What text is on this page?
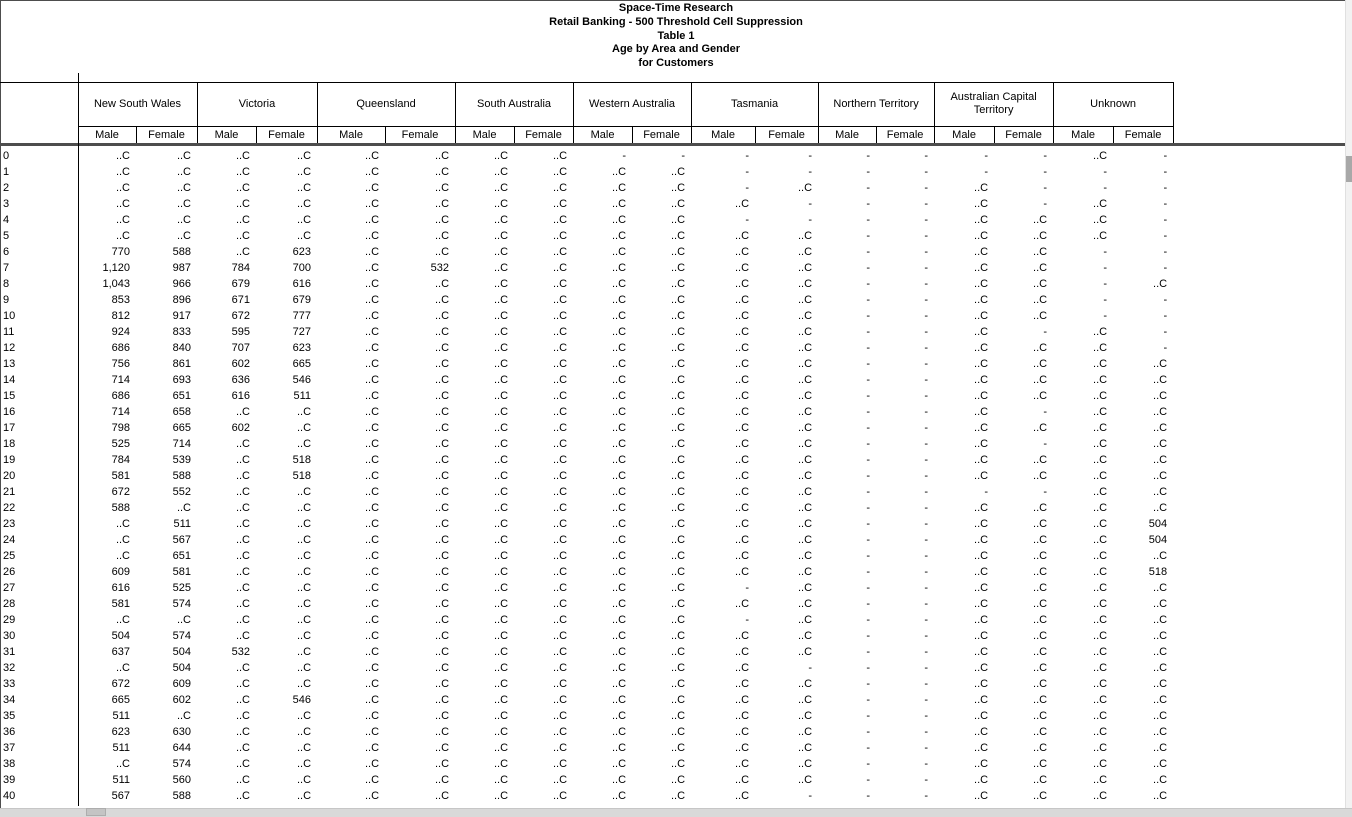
Space-Time Research
Retail Banking - 500 Threshold Cell Suppression
Table 1
Age by Area and Gender
for Customers
	New South Wales		Victoria		Queensland		South Australia		Western Australia		Tasmania		Northern Territory		Australian Capital Territory		Unknown	
	Male	Female	Male	Female	Male	Female	Male	Female	Male	Female	Male	Female	Male	Female	Male	Female	Male	Female

0	..C	..C	..C	..C	..C	..C	..C	..C	-	-	-	-	-	-	-	-	..C	-
1	..C	..C	..C	..C	..C	..C	..C	..C	..C	..C	-	-	-	-	-	-	-	-
2	..C	..C	..C	..C	..C	..C	..C	..C	..C	..C	-	..C	-	-	..C	-	-	-
3	..C	..C	..C	..C	..C	..C	..C	..C	..C	..C	..C	-	-	-	..C	-	..C	-
4	..C	..C	..C	..C	..C	..C	..C	..C	..C	..C	-	-	-	-	..C	..C	..C	-
5	..C	..C	..C	..C	..C	..C	..C	..C	..C	..C	..C	..C	-	-	..C	..C	..C	-
6	770	588	..C	623	..C	..C	..C	..C	..C	..C	..C	..C	-	-	..C	..C	-	-
7	1,120	987	784	700	..C	532	..C	..C	..C	..C	..C	..C	-	-	..C	..C	-	-
8	1,043	966	679	616	..C	..C	..C	..C	..C	..C	..C	..C	-	-	..C	..C	-	..C
9	853	896	671	679	..C	..C	..C	..C	..C	..C	..C	..C	-	-	..C	..C	-	-
10	812	917	672	777	..C	..C	..C	..C	..C	..C	..C	..C	-	-	..C	..C	-	-
11	924	833	595	727	..C	..C	..C	..C	..C	..C	..C	..C	-	-	..C	-	..C	-
12	686	840	707	623	..C	..C	..C	..C	..C	..C	..C	..C	-	-	..C	..C	..C	-
13	756	861	602	665	..C	..C	..C	..C	..C	..C	..C	..C	-	-	..C	..C	..C	..C
14	714	693	636	546	..C	..C	..C	..C	..C	..C	..C	..C	-	-	..C	..C	..C	..C
15	686	651	616	511	..C	..C	..C	..C	..C	..C	..C	..C	-	-	..C	..C	..C	..C
16	714	658	..C	..C	..C	..C	..C	..C	..C	..C	..C	..C	-	-	..C	-	..C	..C
17	798	665	602	..C	..C	..C	..C	..C	..C	..C	..C	..C	-	-	..C	..C	..C	..C
18	525	714	..C	..C	..C	..C	..C	..C	..C	..C	..C	..C	-	-	..C	-	..C	..C
19	784	539	..C	518	..C	..C	..C	..C	..C	..C	..C	..C	-	-	..C	..C	..C	..C
20	581	588	..C	518	..C	..C	..C	..C	..C	..C	..C	..C	-	-	..C	..C	..C	..C
21	672	552	..C	..C	..C	..C	..C	..C	..C	..C	..C	..C	-	-	-	-	..C	..C
22	588	..C	..C	..C	..C	..C	..C	..C	..C	..C	..C	..C	-	-	..C	..C	..C	..C
23	..C	511	..C	..C	..C	..C	..C	..C	..C	..C	..C	..C	-	-	..C	..C	..C	504
24	..C	567	..C	..C	..C	..C	..C	..C	..C	..C	..C	..C	-	-	..C	..C	..C	504
25	..C	651	..C	..C	..C	..C	..C	..C	..C	..C	..C	..C	-	-	..C	..C	..C	..C
26	609	581	..C	..C	..C	..C	..C	..C	..C	..C	..C	..C	-	-	..C	..C	..C	518
27	616	525	..C	..C	..C	..C	..C	..C	..C	..C	-	..C	-	-	..C	..C	..C	..C
28	581	574	..C	..C	..C	..C	..C	..C	..C	..C	..C	..C	-	-	..C	..C	..C	..C
29	..C	..C	..C	..C	..C	..C	..C	..C	..C	..C	-	..C	-	-	..C	..C	..C	..C
30	504	574	..C	..C	..C	..C	..C	..C	..C	..C	..C	..C	-	-	..C	..C	..C	..C
31	637	504	532	..C	..C	..C	..C	..C	..C	..C	..C	..C	-	-	..C	..C	..C	..C
32	..C	504	..C	..C	..C	..C	..C	..C	..C	..C	..C	-	-	-	..C	..C	..C	..C
33	672	609	..C	..C	..C	..C	..C	..C	..C	..C	..C	..C	-	-	..C	..C	..C	..C
34	665	602	..C	546	..C	..C	..C	..C	..C	..C	..C	..C	-	-	..C	..C	..C	..C
35	511	..C	..C	..C	..C	..C	..C	..C	..C	..C	..C	..C	-	-	..C	..C	..C	..C
36	623	630	..C	..C	..C	..C	..C	..C	..C	..C	..C	..C	-	-	..C	..C	..C	..C
37	511	644	..C	..C	..C	..C	..C	..C	..C	..C	..C	..C	-	-	..C	..C	..C	..C
38	..C	574	..C	..C	..C	..C	..C	..C	..C	..C	..C	..C	-	-	..C	..C	..C	..C
39	511	560	..C	..C	..C	..C	..C	..C	..C	..C	..C	..C	-	-	..C	..C	..C	..C
40	567	588	..C	..C	..C	..C	..C	..C	..C	..C	..C	-	-	-	..C	..C	..C	..C
